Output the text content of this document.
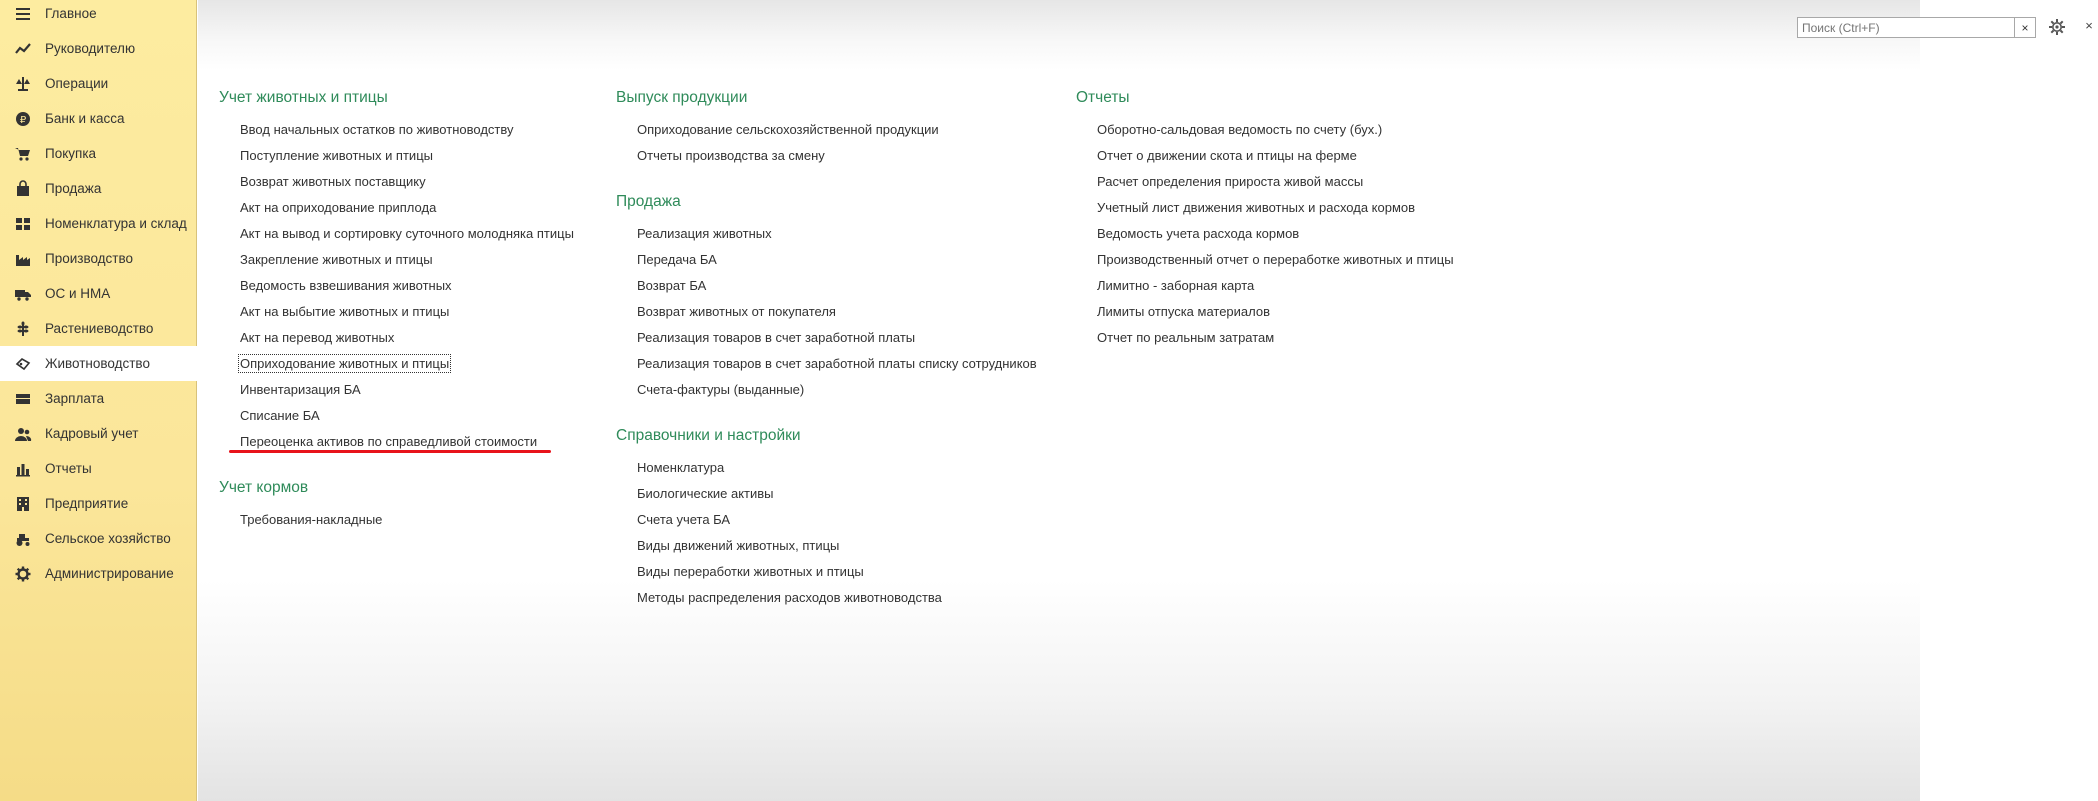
Главное
Руководителю
Операции
₽ Банк и касса
Покупка
Продажа
Номенклатура и склад
Производство
ОС и НМА
Растениеводство
Животноводство
Зарплата
Кадровый учет
Отчеты
Предприятие
Сельское хозяйство
Администрирование
Поиск (Ctrl+F)
×	×
Учет животных и птицы
Ввод начальных остатков по животноводству
Поступление животных и птицы
Возврат животных поставщику
Акт на оприходование приплода
Акт на вывод и сортировку суточного молодняка птицы
Закрепление животных и птицы
Ведомость взвешивания животных
Акт на выбытие животных и птицы
Акт на перевод животных
Оприходование животных и птицы
Инвентаризация БА
Списание БА
Переоценка активов по справедливой стоимости
Учет кормов
Требования-накладные
Выпуск продукции
Оприходование сельскохозяйственной продукции
Отчеты производства за смену
Продажа
Реализация животных
Передача БА
Возврат БА
Возврат животных от покупателя
Реализация товаров в счет заработной платы
Реализация товаров в счет заработной платы списку сотрудников
Счета-фактуры (выданные)
Справочники и настройки
Номенклатура
Биологические активы
Счета учета БА
Виды движений животных, птицы
Виды переработки животных и птицы
Методы распределения расходов животноводства
Отчеты
Оборотно-сальдовая ведомость по счету (бух.)
Отчет о движении скота и птицы на ферме
Расчет определения прироста живой массы
Учетный лист движения животных и расхода кормов
Ведомость учета расхода кормов
Производственный отчет о переработке животных и птицы
Лимитно - заборная карта
Лимиты отпуска материалов
Отчет по реальным затратам
